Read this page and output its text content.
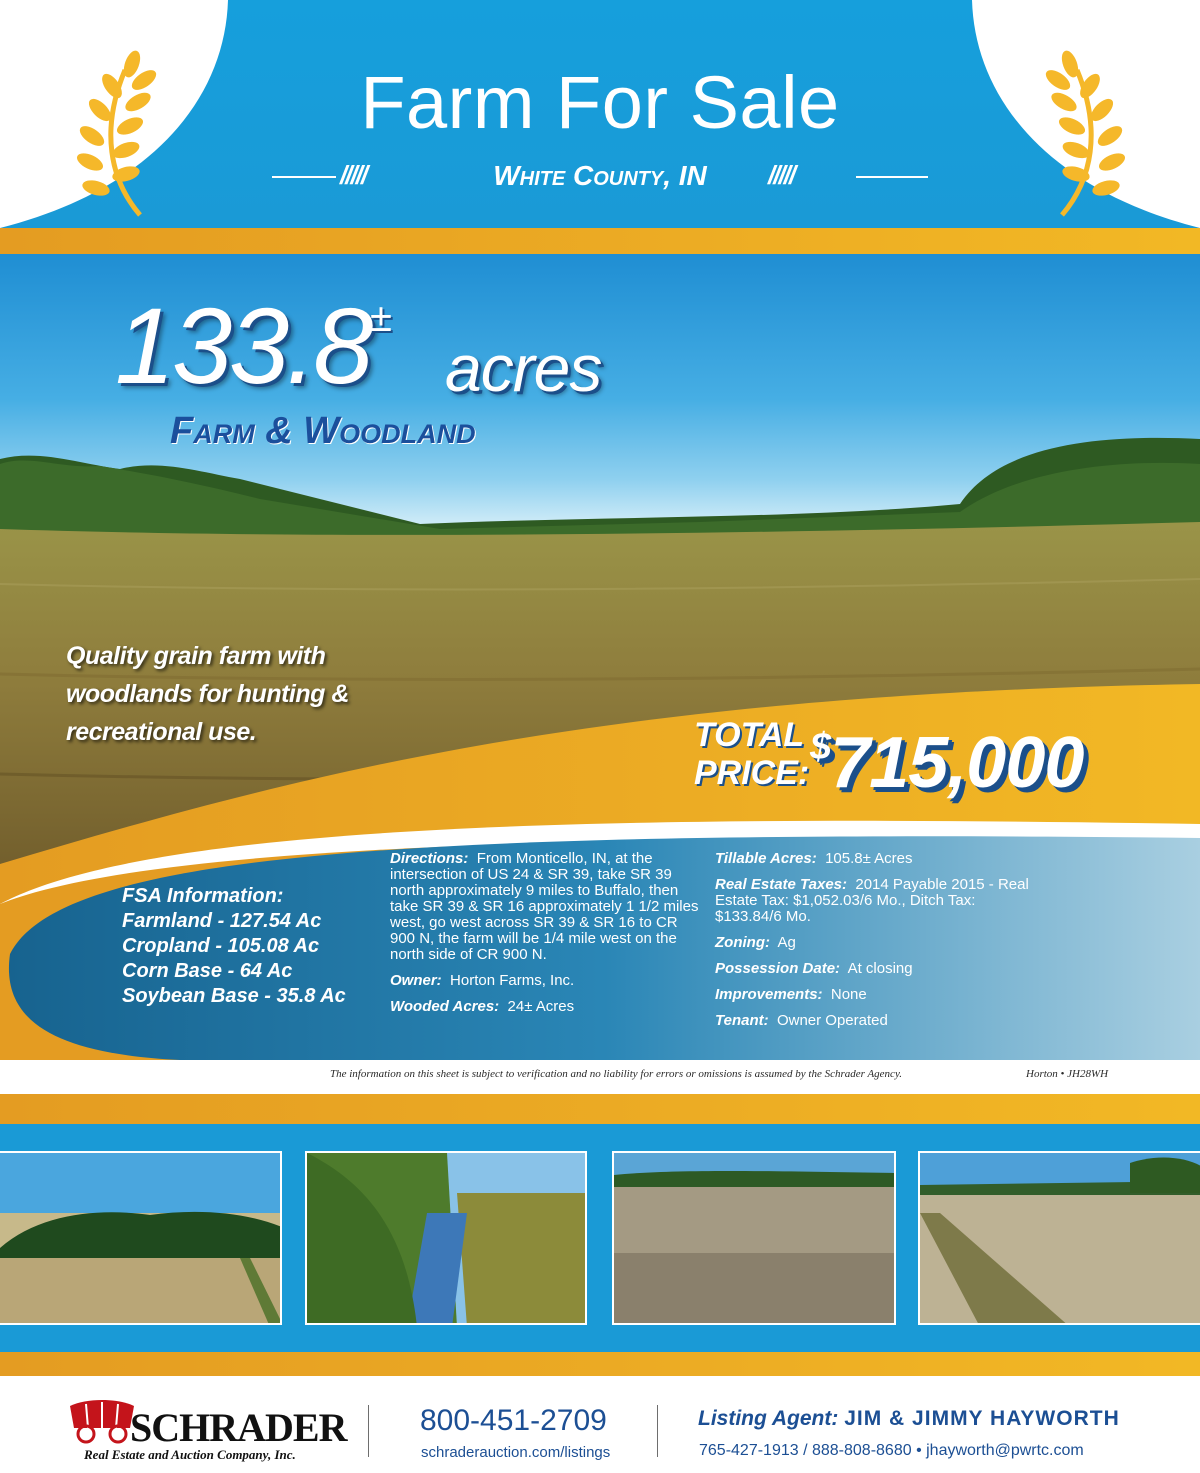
Farm For Sale
/////	White County, IN	/////
133.8 ±
acres
Farm & Woodland
Quality grain farm with woodlands for hunting & recreational use.	TOTAL
PRICE:
$715,000
FSA Information:
Farmland - 127.54 Ac
Cropland - 105.08 Ac
Corn Base - 64 Ac
Soybean Base - 35.8 Ac
Directions: From Monticello, IN, at the intersection of US 24 & SR 39, take SR 39 north approximately 9 miles to Buffalo, then take SR 39 & SR 16 approximately 1 1/2 miles west, go west across SR 39 & SR 16 to CR 900 N, the farm will be 1/4 mile west on the north side of CR 900 N.
Owner: Horton Farms, Inc.
Wooded Acres: 24± Acres
Tillable Acres: 105.8± Acres
Real Estate Taxes: 2014 Payable 2015 - Real Estate Tax: $1,052.03/6 Mo., Ditch Tax: $133.84/6 Mo.
Zoning: Ag
Possession Date: At closing
Improvements: None
Tenant: Owner Operated
The information on this sheet is subject to verification and no liability for errors or omissions is assumed by the Schrader Agency.	Horton • JH28WH
SCHRADER
Real Estate and Auction Company, Inc.
800-451-2709
schraderauction.com/listings
Listing Agent: JIM & JIMMY HAYWORTH
765-427-1913 / 888-808-8680 • jhayworth@pwrtc.com
